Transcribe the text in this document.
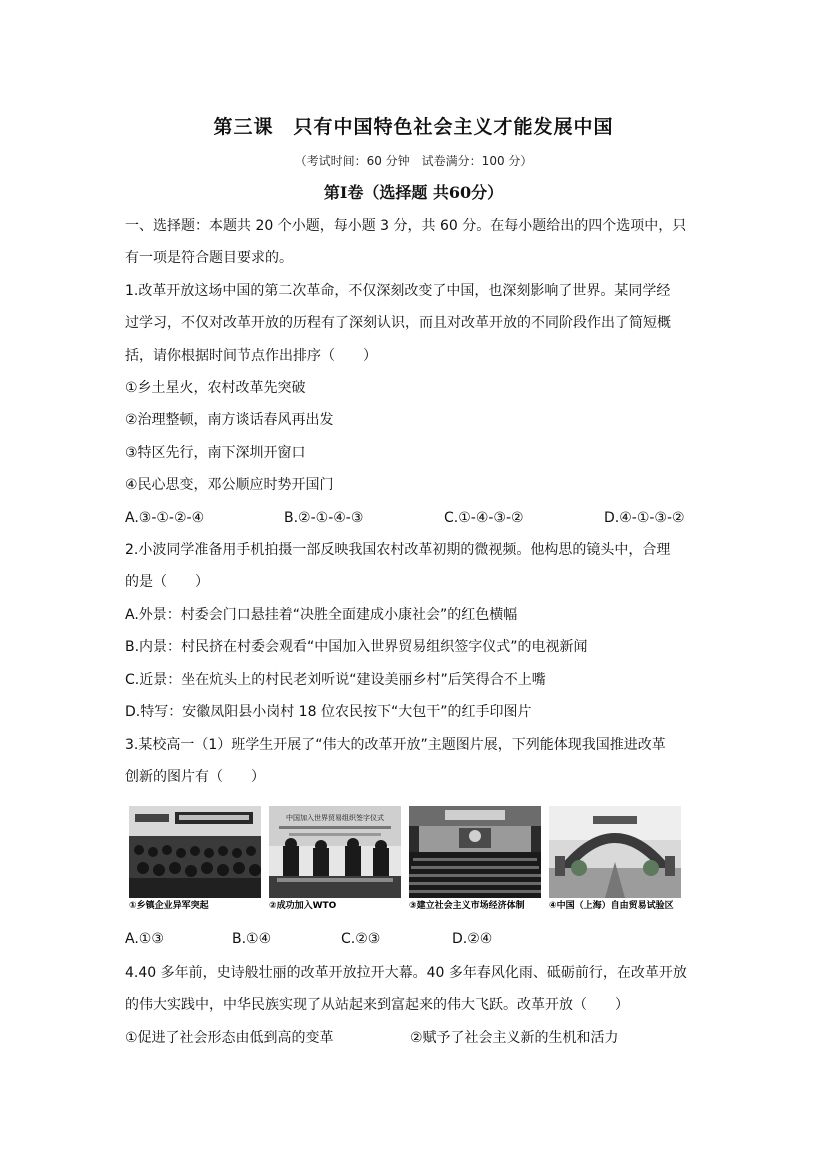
第三课　只有中国特色社会主义才能发展中国
（考试时间：60 分钟　试卷满分：100 分）
第Ⅰ卷（选择题 共60分）
一、选择题：本题共 20 个小题，每小题 3 分，共 60 分。在每小题给出的四个选项中，只
有一项是符合题目要求的。
1.改革开放这场中国的第二次革命，不仅深刻改变了中国，也深刻影响了世界。某同学经
过学习，不仅对改革开放的历程有了深刻认识，而且对改革开放的不同阶段作出了简短概
括，请你根据时间节点作出排序（　　）
①乡土星火，农村改革先突破
②治理整顿，南方谈话春风再出发
③特区先行，南下深圳开窗口
④民心思变，邓公顺应时势开国门
A.③-①-②-④	B.②-①-④-③	C.①-④-③-②	D.④-①-③-②
2.小波同学准备用手机拍摄一部反映我国农村改革初期的微视频。他构思的镜头中，合理
的是（　　）
A.外景：村委会门口悬挂着“决胜全面建成小康社会”的红色横幅
B.内景：村民挤在村委会观看“中国加入世界贸易组织签字仪式”的电视新闻
C.近景：坐在炕头上的村民老刘听说“建设美丽乡村”后笑得合不上嘴
D.特写：安徽凤阳县小岗村 18 位农民按下“大包干”的红手印图片
3.某校高一（1）班学生开展了“伟大的改革开放”主题图片展，下列能体现我国推进改革
创新的图片有（　　）
①乡镇企业异军突起
中国加入世界贸易组织签字仪式
②成功加入WTO	③建立社会主义市场经济体制	④中国（上海）自由贸易试验区
A.①③	B.①④	C.②③	D.②④
4.40 多年前，史诗般壮丽的改革开放拉开大幕。40 多年春风化雨、砥砺前行，在改革开放
的伟大实践中，中华民族实现了从站起来到富起来的伟大飞跃。改革开放（　　）
①促进了社会形态由低到高的变革	②赋予了社会主义新的生机和活力
